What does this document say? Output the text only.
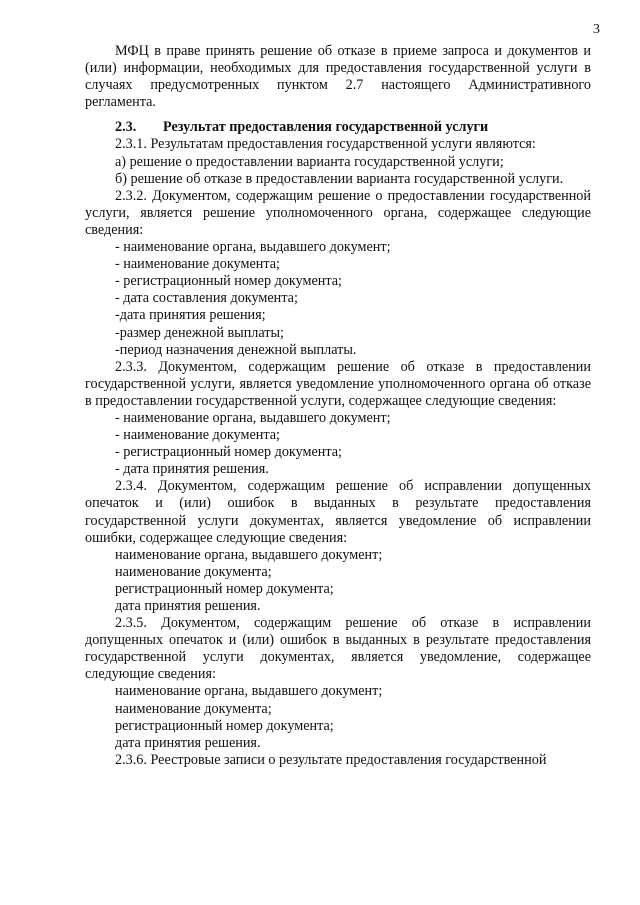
3

МФЦ в праве принять решение об отказе в приеме запроса и документов и (или) информации, необходимых для предоставления государственной услуги в случаях предусмотренных пунктом 2.7 настоящего Административного регламента.

2.3. Результат предоставления государственной услуги

2.3.1. Результатам предоставления государственной услуги являются:

а) решение о предоставлении варианта государственной услуги;

б) решение об отказе в предоставлении варианта государственной услуги.

2.3.2. Документом, содержащим решение о предоставлении государственной услуги, является решение уполномоченного органа, содержащее следующие сведения:

- наименование органа, выдавшего документ;

- наименование документа;

- регистрационный номер документа;

- дата составления документа;

-дата принятия решения;

-размер денежной выплаты;

-период назначения денежной выплаты.

2.3.3. Документом, содержащим решение об отказе в предоставлении государственной услуги, является уведомление уполномоченного органа об отказе в предоставлении государственной услуги, содержащее следующие сведения:

- наименование органа, выдавшего документ;

- наименование документа;

- регистрационный номер документа;

- дата принятия решения.

2.3.4. Документом, содержащим решение об исправлении допущенных опечаток и (или) ошибок в выданных в результате предоставления государственной услуги документах, является уведомление об исправлении ошибки, содержащее следующие сведения:

наименование органа, выдавшего документ;

наименование документа;

регистрационный номер документа;

дата принятия решения.

2.3.5. Документом, содержащим решение об отказе в исправлении допущенных опечаток и (или) ошибок в выданных в результате предоставления государственной услуги документах, является уведомление, содержащее следующие сведения:

наименование органа, выдавшего документ;

наименование документа;

регистрационный номер документа;

дата принятия решения.

2.3.6. Реестровые записи о результате предоставления государственной
